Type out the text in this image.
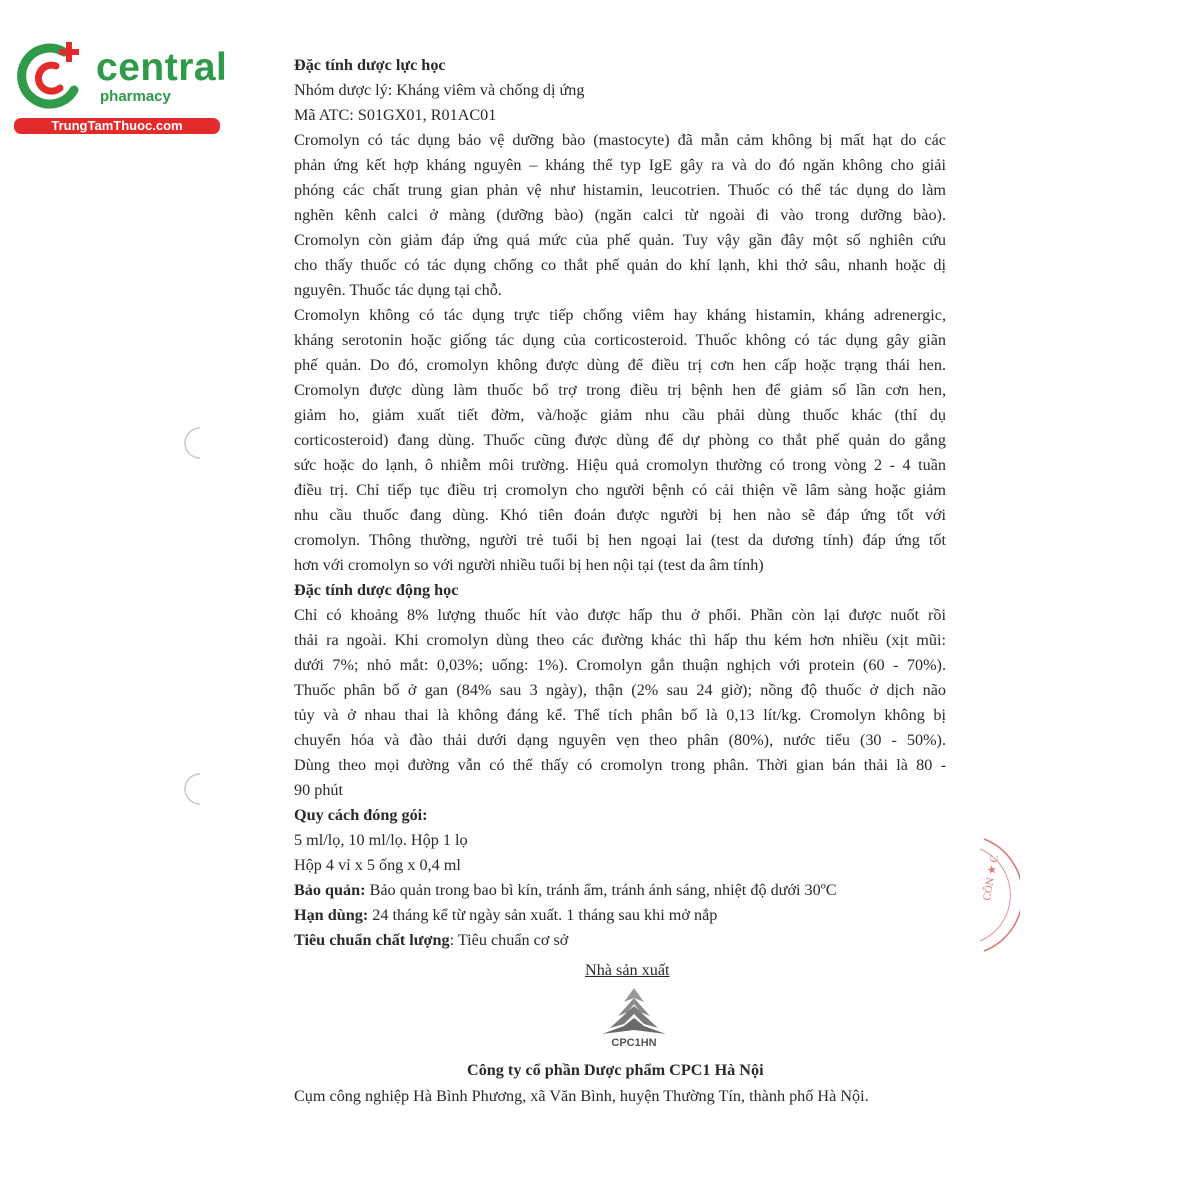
central
pharmacy
TrungTamThuoc.com
Đặc tính dược lực học
Nhóm dược lý: Kháng viêm và chống dị ứng
Mã ATC: S01GX01, R01AC01
Cromolyn có tác dụng bảo vệ dưỡng bào (mastocyte) đã mẫn cảm không bị mất hạt do các
phản ứng kết hợp kháng nguyên – kháng thể typ IgE gây ra và do đó ngăn không cho giải
phóng các chất trung gian phản vệ như histamin, leucotrien. Thuốc có thể tác dụng do làm
nghẽn kênh calci ở màng (dưỡng bào) (ngăn calci từ ngoài đi vào trong dưỡng bào).
Cromolyn còn giảm đáp ứng quá mức của phế quản. Tuy vậy gần đây một số nghiên cứu
cho thấy thuốc có tác dụng chống co thắt phế quản do khí lạnh, khi thở sâu, nhanh hoặc dị
nguyên. Thuốc tác dụng tại chỗ.
Cromolyn không có tác dụng trực tiếp chống viêm hay kháng histamin, kháng adrenergic,
kháng serotonin hoặc giống tác dụng của corticosteroid. Thuốc không có tác dụng gây giãn
phế quản. Do đó, cromolyn không được dùng để điều trị cơn hen cấp hoặc trạng thái hen.
Cromolyn được dùng làm thuốc bổ trợ trong điều trị bệnh hen để giảm số lần cơn hen,
giảm ho, giảm xuất tiết đờm, và/hoặc giảm nhu cầu phải dùng thuốc khác (thí dụ
corticosteroid) đang dùng. Thuốc cũng được dùng để dự phòng co thắt phế quản do gắng
sức hoặc do lạnh, ô nhiễm môi trường. Hiệu quả cromolyn thường có trong vòng 2 - 4 tuần
điều trị. Chỉ tiếp tục điều trị cromolyn cho người bệnh có cải thiện về lâm sàng hoặc giảm
nhu cầu thuốc đang dùng. Khó tiên đoán được người bị hen nào sẽ đáp ứng tốt với
cromolyn. Thông thường, người trẻ tuổi bị hen ngoại lai (test da dương tính) đáp ứng tốt
hơn với cromolyn so với người nhiều tuổi bị hen nội tại (test da âm tính)
Đặc tính dược động học
Chỉ có khoảng 8% lượng thuốc hít vào được hấp thu ở phổi. Phần còn lại được nuốt rồi
thải ra ngoài. Khi cromolyn dùng theo các đường khác thì hấp thu kém hơn nhiều (xịt mũi:
dưới 7%; nhỏ mắt: 0,03%; uống: 1%). Cromolyn gắn thuận nghịch với protein (60 - 70%).
Thuốc phân bố ở gan (84% sau 3 ngày), thận (2% sau 24 giờ); nồng độ thuốc ở dịch não
tủy và ở nhau thai là không đáng kể. Thể tích phân bố là 0,13 lít/kg. Cromolyn không bị
chuyển hóa và đào thải dưới dạng nguyên vẹn theo phân (80%), nước tiểu (30 - 50%).
Dùng theo mọi đường vẫn có thể thấy có cromolyn trong phân. Thời gian bán thải là 80 -
90 phút
Quy cách đóng gói:
5 ml/lọ, 10 ml/lọ. Hộp 1 lọ
Hộp 4 vỉ x 5 ống x 0,4 ml
Bảo quản: Bảo quản trong bao bì kín, tránh ẩm, tránh ánh sáng, nhiệt độ dưới 30ºC
Hạn dùng: 24 tháng kể từ ngày sản xuất. 1 tháng sau khi mở nắp
Tiêu chuẩn chất lượng: Tiêu chuẩn cơ sở
Nhà sản xuất
CPC1HN
Công ty cổ phần Dược phẩm CPC1 Hà Nội
Cụm công nghiệp Hà Bình Phương, xã Văn Bình, huyện Thường Tín, thành phố Hà Nội.
CÔN ★ C
